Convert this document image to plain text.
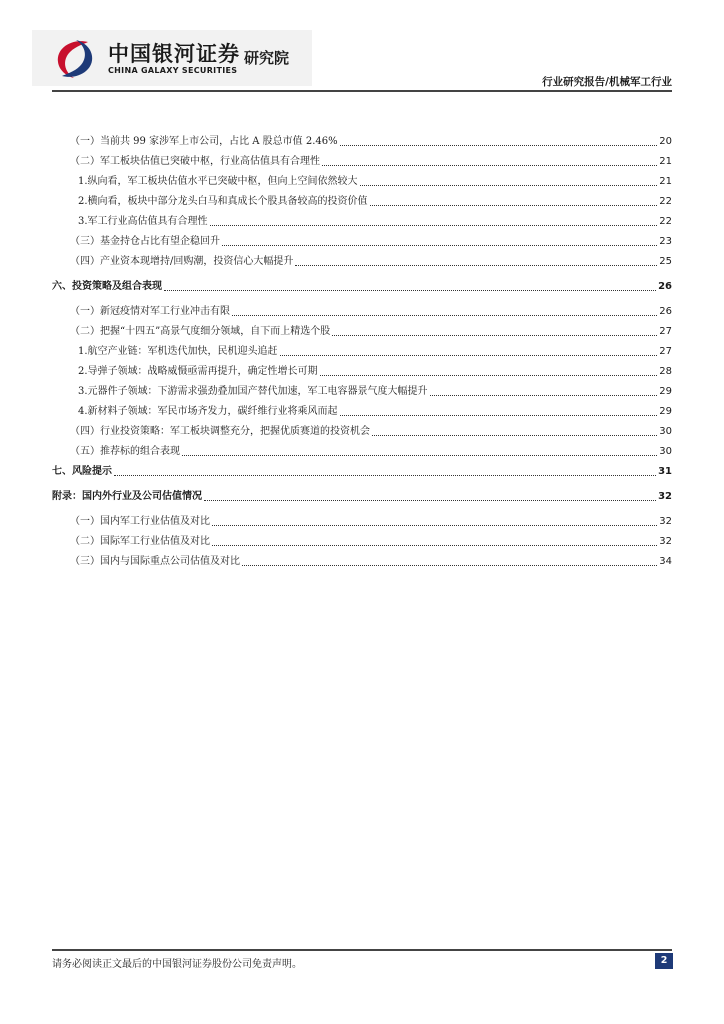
中国银河证券
CHINA GALAXY SECURITIES
研究院
行业研究报告/机械军工行业
（一）当前共 99 家涉军上市公司，占比 A 股总市值 2.46%	20
（二）军工板块估值已突破中枢，行业高估值具有合理性	21
1.纵向看，军工板块估值水平已突破中枢，但向上空间依然较大	21
2.横向看，板块中部分龙头白马和真成长个股具备较高的投资价值	22
3.军工行业高估值具有合理性	22
（三）基金持仓占比有望企稳回升	23
（四）产业资本现增持/回购潮，投资信心大幅提升	25
六、投资策略及组合表现	26
（一）新冠疫情对军工行业冲击有限	26
（二）把握“十四五”高景气度细分领域，自下而上精选个股	27
1.航空产业链：军机迭代加快，民机迎头追赶	27
2.导弹子领域：战略威慑亟需再提升，确定性增长可期	28
3.元器件子领域：下游需求强劲叠加国产替代加速，军工电容器景气度大幅提升	29
4.新材料子领域：军民市场齐发力，碳纤维行业将乘风而起	29
（四）行业投资策略：军工板块调整充分，把握优质赛道的投资机会	30
（五）推荐标的组合表现	30
七、风险提示	31
附录：国内外行业及公司估值情况	32
（一）国内军工行业估值及对比	32
（二）国际军工行业估值及对比	32
（三）国内与国际重点公司估值及对比	34
请务必阅读正文最后的中国银河证券股份公司免责声明。	2
